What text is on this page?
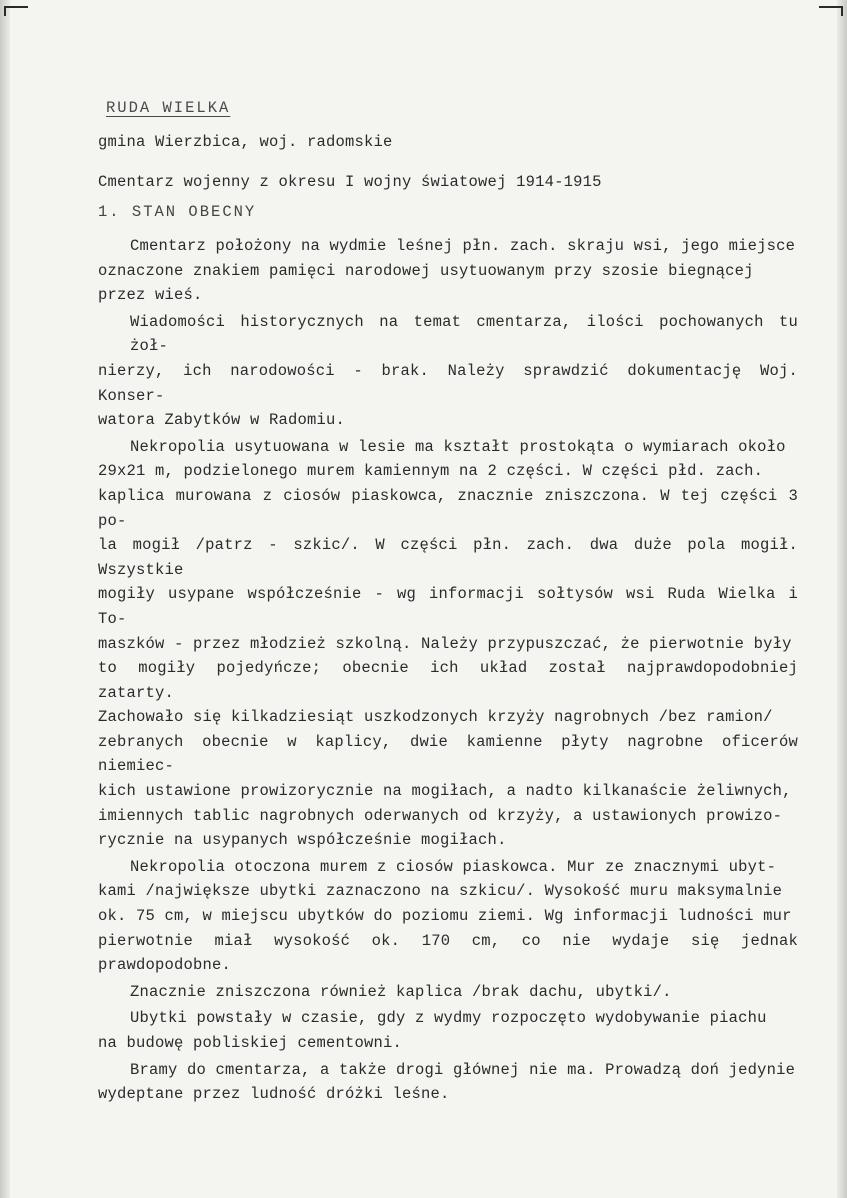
RUDA WIELKA
gmina Wierzbica, woj. radomskie
Cmentarz wojenny z okresu I wojny światowej 1914-1915
1. STAN OBECNY
Cmentarz położony na wydmie leśnej płn. zach. skraju wsi, jego miejsce
oznaczone znakiem pamięci narodowej usytuowanym przy szosie biegnącej
przez wieś.
Wiadomości historycznych na temat cmentarza, ilości pochowanych tu żoł-
nierzy, ich narodowości - brak. Należy sprawdzić dokumentację Woj. Konser-
watora Zabytków w Radomiu.
Nekropolia usytuowana w lesie ma kształt prostokąta o wymiarach około
29x21 m, podzielonego murem kamiennym na 2 części. W części płd. zach.
kaplica murowana z ciosów piaskowca, znacznie zniszczona. W tej części 3 po-
la mogił /patrz - szkic/. W części płn. zach. dwa duże pola mogił. Wszystkie
mogiły usypane współcześnie - wg informacji sołtysów wsi Ruda Wielka i To-
maszków - przez młodzież szkolną. Należy przypuszczać, że pierwotnie były
to mogiły pojedyńcze; obecnie ich układ został najprawdopodobniej zatarty.
Zachowało się kilkadziesiąt uszkodzonych krzyży nagrobnych /bez ramion/
zebranych obecnie w kaplicy, dwie kamienne płyty nagrobne oficerów niemiec-
kich ustawione prowizorycznie na mogiłach, a nadto kilkanaście żeliwnych,
imiennych tablic nagrobnych oderwanych od krzyży, a ustawionych prowizo-
rycznie na usypanych współcześnie mogiłach.
Nekropolia otoczona murem z ciosów piaskowca. Mur ze znacznymi ubyt-
kami /największe ubytki zaznaczono na szkicu/. Wysokość muru maksymalnie
ok. 75 cm, w miejscu ubytków do poziomu ziemi. Wg informacji ludności mur
pierwotnie miał wysokość ok. 170 cm, co nie wydaje się jednak prawdopodobne.
Znacznie zniszczona również kaplica /brak dachu, ubytki/.
Ubytki powstały w czasie, gdy z wydmy rozpoczęto wydobywanie piachu
na budowę pobliskiej cementowni.
Bramy do cmentarza, a także drogi głównej nie ma. Prowadzą doń jedynie
wydeptane przez ludność dróżki leśne.
